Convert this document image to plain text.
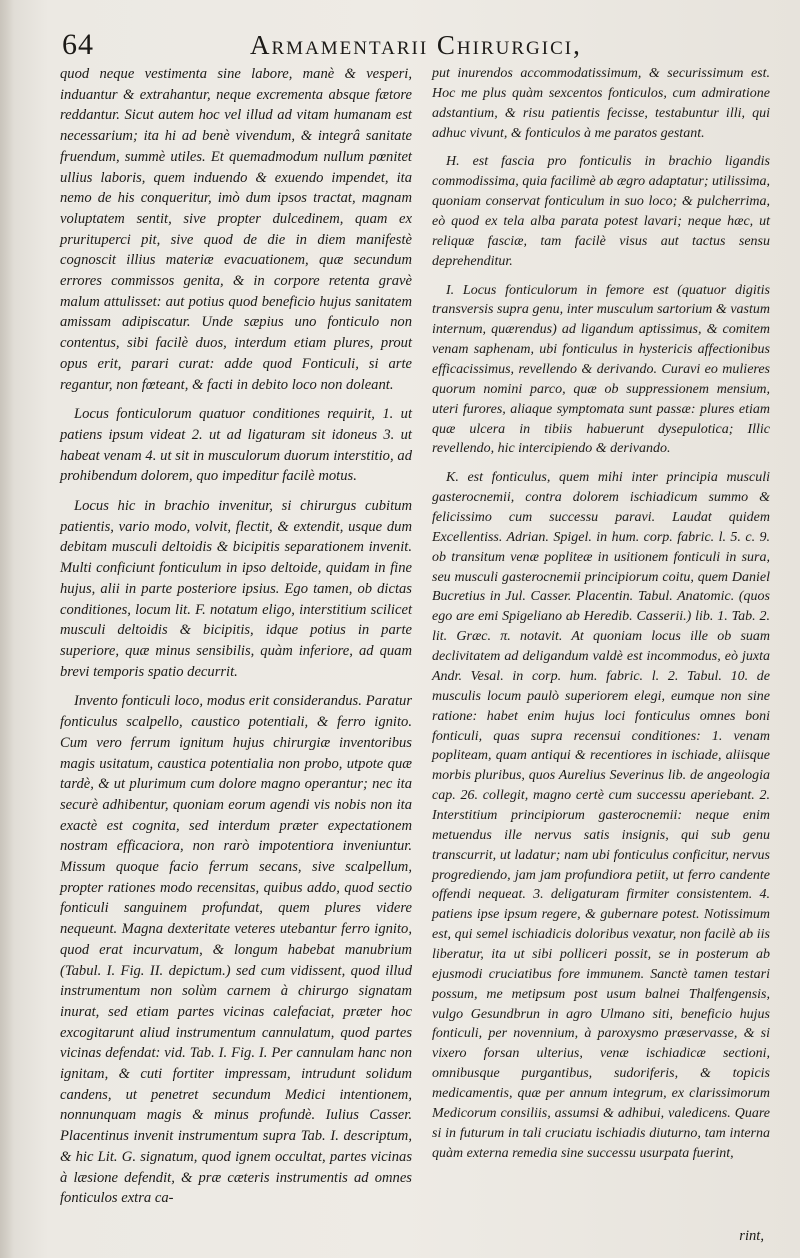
64	Armamentarii Chirurgici,

quod neque vestimenta sine labore, manè & vesperi, induantur & extrahantur, neque excrementa absque fætore reddantur. Sicut autem hoc vel illud ad vitam humanam est necessarium; ita hi ad benè vivendum, & integrâ sanitate fruendum, summè utiles. Et quemadmodum nullum pœnitet ullius laboris, quem induendo & exuendo impendet, ita nemo de his conqueritur, imò dum ipsos tractat, magnam voluptatem sentit, sive propter dulcedinem, quam ex prurituperci pit, sive quod de die in diem manifestè cognoscit illius materiæ evacuationem, quæ secundum errores commissos genita, & in corpore retenta gravè malum attulisset: aut potius quod beneficio hujus sanitatem amissam adipiscatur. Unde sæpius uno fonticulo non contentus, sibi facilè duos, interdum etiam plures, prout opus erit, parari curat: adde quod Fonticuli, si arte regantur, non fœteant, & facti in debito loco non doleant.

Locus fonticulorum quatuor conditiones requirit, 1. ut patiens ipsum videat 2. ut ad ligaturam sit idoneus 3. ut habeat venam 4. ut sit in musculorum duorum interstitio, ad prohibendum dolorem, quo impeditur facilè motus.

Locus hic in brachio invenitur, si chirurgus cubitum patientis, vario modo, volvit, flectit, & extendit, usque dum debitam musculi deltoidis & bicipitis separationem invenit. Multi conficiunt fonticulum in ipso deltoide, quidam in fine hujus, alii in parte posteriore ipsius. Ego tamen, ob dictas conditiones, locum lit. F. notatum eligo, interstitium scilicet musculi deltoidis & bicipitis, idque potius in parte superiore, quæ minus sensibilis, quàm inferiore, ad quam brevi temporis spatio decurrit.

Invento fonticuli loco, modus erit considerandus. Paratur fonticulus scalpello, caustico potentiali, & ferro ignito. Cum vero ferrum ignitum hujus chirurgiæ inventoribus magis usitatum, caustica potentialia non probo, utpote quæ tardè, & ut plurimum cum dolore magno operantur; nec ita securè adhibentur, quoniam eorum agendi vis nobis non ita exactè est cognita, sed interdum præter expectationem nostram efficaciora, non rarò impotentiora inveniuntur. Missum quoque facio ferrum secans, sive scalpellum, propter rationes modo recensitas, quibus addo, quod sectio fonticuli sanguinem profundat, quem plures videre nequeunt. Magna dexteritate veteres utebantur ferro ignito, quod erat incurvatum, & longum habebat manubrium (Tabul. I. Fig. II. depictum.) sed cum vidissent, quod illud instrumentum non solùm carnem à chirurgo signatam inurat, sed etiam partes vicinas calefaciat, præter hoc excogitarunt aliud instrumentum cannulatum, quod partes vicinas defendat: vid. Tab. I. Fig. I. Per cannulam hanc non ignitam, & cuti fortiter impressam, intrudunt solidum candens, ut penetret secundum Medici intentionem, nonnunquam magis & minus profundè. Iulius Casser. Placentinus invenit instrumentum supra Tab. I. descriptum, & hic Lit. G. signatum, quod ignem occultat, partes vicinas à læsione defendit, & præ cæteris instrumentis ad omnes fonticulos extra ca-

put inurendos accommodatissimum, & securissimum est. Hoc me plus quàm sexcentos fonticulos, cum admiratione adstantium, & risu patientis fecisse, testabuntur illi, qui adhuc vivunt, & fonticulos à me paratos gestant.

H. est fascia pro fonticulis in brachio ligandis commodissima, quia facilimè ab ægro adaptatur; utilissima, quoniam conservat fonticulum in suo loco; & pulcherrima, eò quod ex tela alba parata potest lavari; neque hæc, ut reliquæ fasciæ, tam facilè visus aut tactus sensu deprehenditur.

I. Locus fonticulorum in femore est (quatuor digitis transversis supra genu, inter musculum sartorium & vastum internum, quærendus) ad ligandum aptissimus, & comitem venam saphenam, ubi fonticulus in hystericis affectionibus efficacissimus, revellendo & derivando. Curavi eo mulieres quorum nomini parco, quæ ob suppressionem mensium, uteri furores, aliaque symptomata sunt passæ: plures etiam quæ ulcera in tibiis habuerunt dysepulotica; Illic revellendo, hic intercipiendo & derivando.

K. est fonticulus, quem mihi inter principia musculi gasterocnemii, contra dolorem ischiadicum summo & felicissimo cum successu paravi. Laudat quidem Excellentiss. Adrian. Spigel. in hum. corp. fabric. l. 5. c. 9. ob transitum venæ popliteæ in usitionem fonticuli in sura, seu musculi gasterocnemii principiorum coitu, quem Daniel Bucretius in Jul. Casser. Placentin. Tabul. Anatomic. (quos ego are emi Spigeliano ab Heredib. Casserii.) lib. 1. Tab. 2. lit. Græc. π. notavit. At quoniam locus ille ob suam declivitatem ad deligandum valdè est incommodus, eò juxta Andr. Vesal. in corp. hum. fabric. l. 2. Tabul. 10. de musculis locum paulò superiorem elegi, eumque non sine ratione: habet enim hujus loci fonticulus omnes boni fonticuli, quas supra recensui conditiones: 1. venam popliteam, quam antiqui & recentiores in ischiade, aliisque morbis pluribus, quos Aurelius Severinus lib. de angeologia cap. 26. collegit, magno certè cum successu aperiebant. 2. Interstitium principiorum gasterocnemii: neque enim metuendus ille nervus satis insignis, qui sub genu transcurrit, ut ladatur; nam ubi fonticulus conficitur, nervus progrediendo, jam jam profundiora petiit, ut ferro candente offendi nequeat. 3. deligaturam firmiter consistentem. 4. patiens ipse ipsum regere, & gubernare potest. Notissimum est, qui semel ischiadicis doloribus vexatur, non facilè ab iis liberatur, ita ut sibi polliceri possit, se in posterum ab ejusmodi cruciatibus fore immunem. Sanctè tamen testari possum, me metipsum post usum balnei Thalfengensis, vulgo Gesundbrun in agro Ulmano siti, beneficio hujus fonticuli, per novennium, à paroxysmo præservasse, & si vixero forsan ulterius, venæ ischiadicæ sectioni, omnibusque purgantibus, sudoriferis, & topicis medicamentis, quæ per annum integrum, ex clarissimorum Medicorum consiliis, assumsi & adhibui, valedicens. Quare si in futurum in tali cruciatu ischiadis diuturno, tam interna quàm externa remedia sine successu usurpata fuerint,

rint,
